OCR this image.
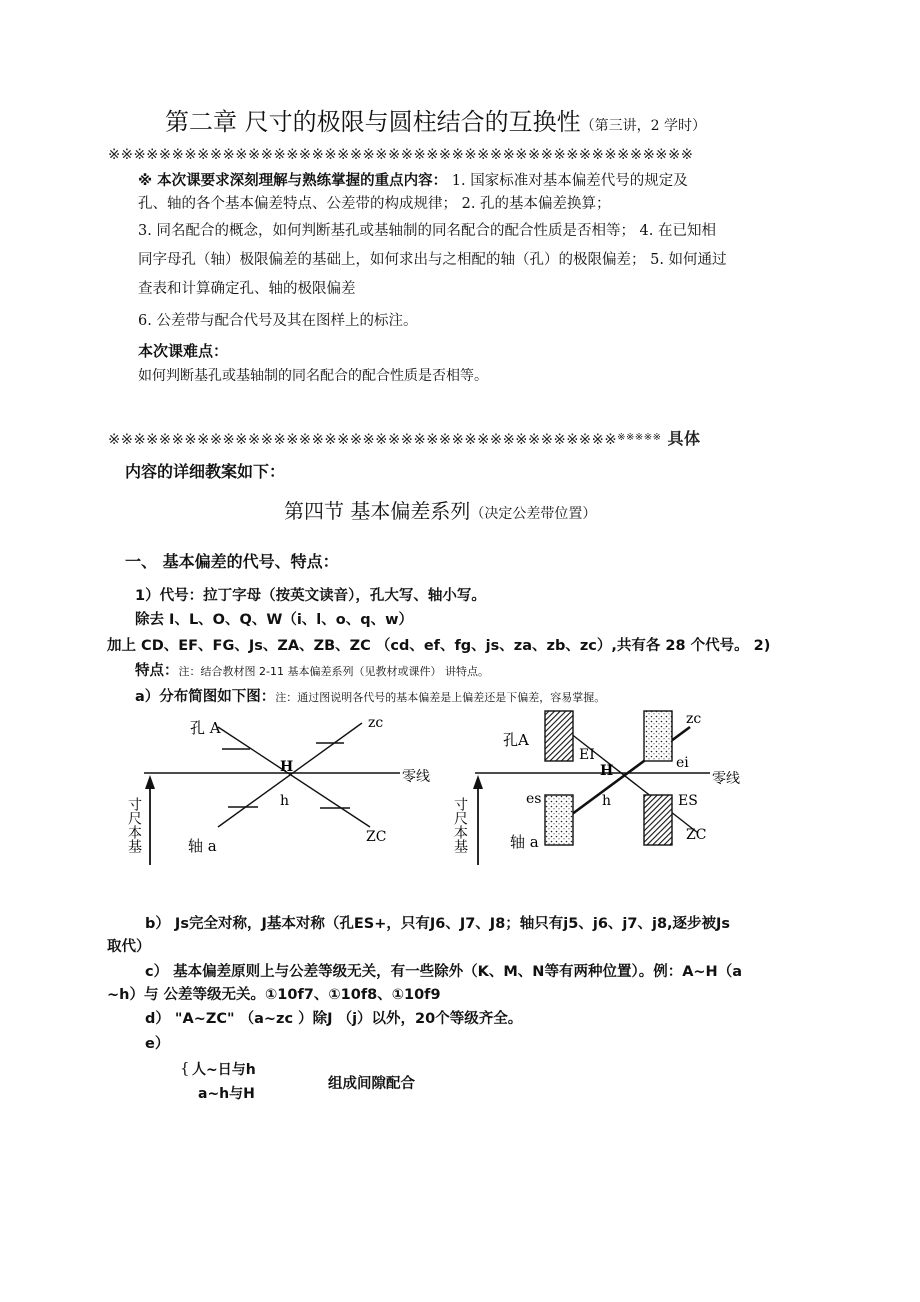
第二章 尺寸的极限与圆柱结合的互换性（第三讲，2 学时）
※※※※※※※※※※※※※※※※※※※※※※※※※※※※※※※※※※※※※※※※※※※※※※
※ 本次课要求深刻理解与熟练掌握的重点内容： 1. 国家标准对基本偏差代号的规定及
孔、轴的各个基本偏差特点、公差带的构成规律； 2. 孔的基本偏差换算；
3. 同名配合的概念，如何判断基孔或基轴制的同名配合的配合性质是否相等； 4. 在已知相
同字母孔（轴）极限偏差的基础上，如何求出与之相配的轴（孔）的极限偏差； 5. 如何通过
查表和计算确定孔、轴的极限偏差
6. 公差带与配合代号及其在图样上的标注。
本次课难点：
如何判断基孔或基轴制的同名配合的配合性质是否相等。
※※※※※※※※※※※※※※※※※※※※※※※※※※※※※※※※※※※※※※※※※※※※※ 具体
内容的详细教案如下：
第四节 基本偏差系列（决定公差带位置）
一、 基本偏差的代号、特点：
1）代号：拉丁字母（按英文读音），孔大写、轴小写。
除去 I、L、O、Q、W（i、l、o、q、w）
加上 CD、EF、FG、Js、ZA、ZB、ZC （cd、ef、fg、js、za、zb、zc）,共有各 28 个代号。 2)
特点：注：结合教材图 2-11 基本偏差系列（见教材或课件） 讲特点。
a）分布简图如下图：注：通过图说明各代号的基本偏差是上偏差还是下偏差，容易掌握。
孔 A	zc
H
零线
h
ZC
轴 a
寸尺本基
孔A
zc
EI
H	ei
零线
es	h	ES
ZC
轴 a
寸尺本基
b） Js完全对称，J基本对称（孔ES+，只有J6、J7、J8；轴只有j5、j6、j7、j8,逐步被Js
取代）
c） 基本偏差原则上与公差等级无关，有一些除外（K、M、N等有两种位置）。例：A~H（a
~h）与 公差等级无关。①10f7、①10f8、①10f9
d） "A~ZC" （a~zc ）除J （j）以外，20个等级齐全。
e）
{ 人~日与h
a~h与H
组成间隙配合
